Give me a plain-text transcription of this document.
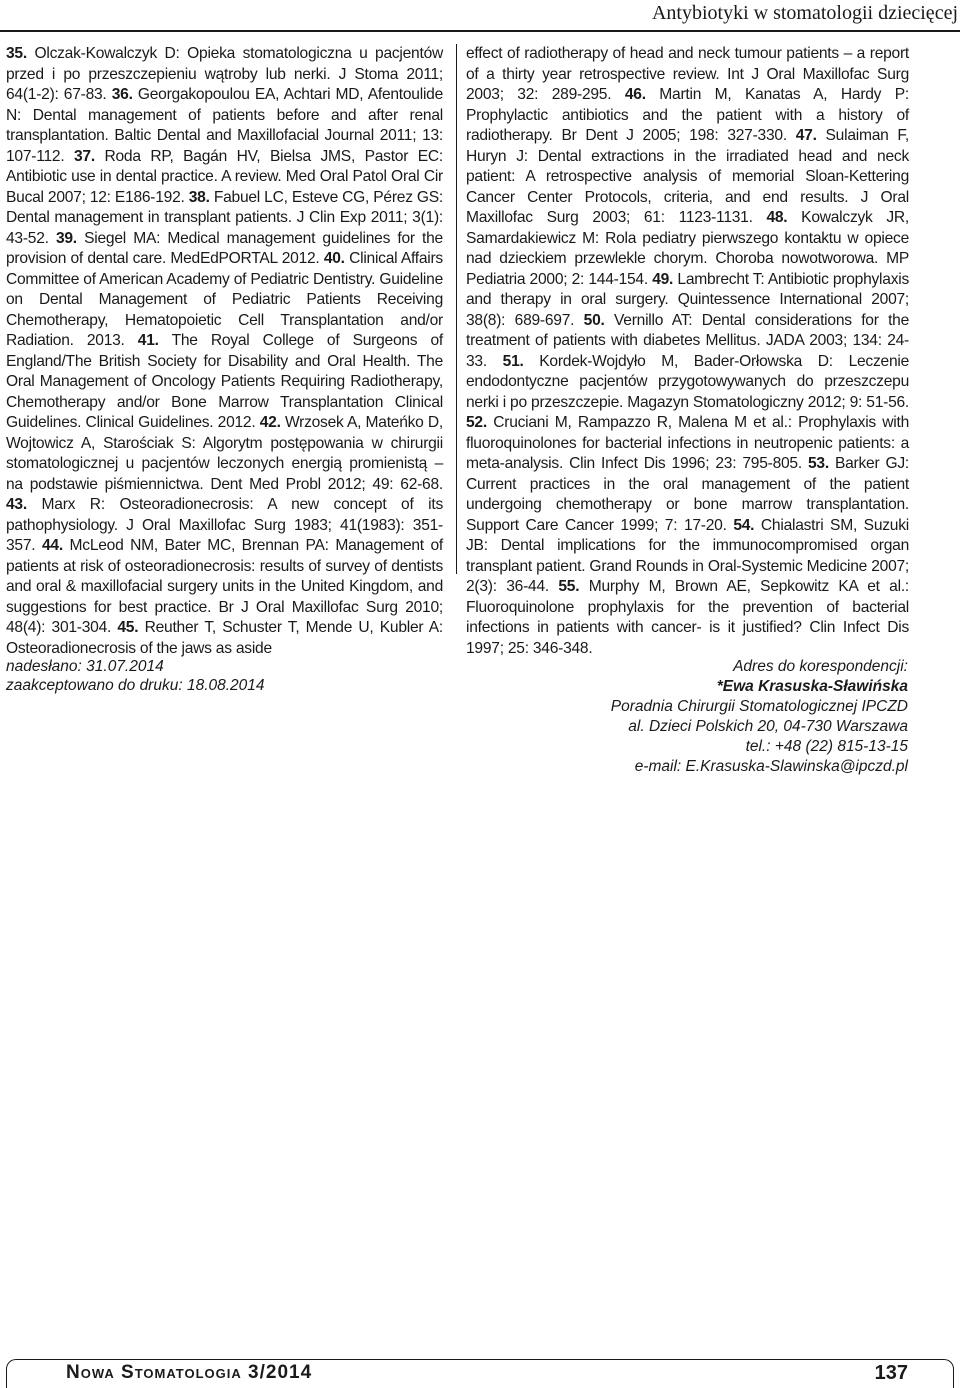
Antybiotyki w stomatologii dziecięcej
35. Olczak-Kowalczyk D: Opieka stomatologiczna u pacjentów przed i po przeszczepieniu wątroby lub nerki. J Stoma 2011; 64(1-2): 67-83. 36. Georgakopoulou EA, Achtari MD, Afentoulide N: Dental management of patients before and after renal transplantation. Baltic Dental and Maxillofacial Journal 2011; 13: 107-112. 37. Roda RP, Bagán HV, Bielsa JMS, Pastor EC: Antibiotic use in dental practice. A review. Med Oral Patol Oral Cir Bucal 2007; 12: E186-192. 38. Fabuel LC, Esteve CG, Pérez GS: Dental management in transplant patients. J Clin Exp 2011; 3(1): 43-52. 39. Siegel MA: Medical management guidelines for the provision of dental care. MedEdPORTAL 2012. 40. Clinical Affairs Committee of American Academy of Pediatric Dentistry. Guideline on Dental Management of Pediatric Patients Receiving Chemotherapy, Hematopoietic Cell Transplantation and/or Radiation. 2013. 41. The Royal College of Surgeons of England/The British Society for Disability and Oral Health. The Oral Management of Oncology Patients Requiring Radiotherapy, Chemotherapy and/or Bone Marrow Transplantation Clinical Guidelines. Clinical Guidelines. 2012. 42. Wrzosek A, Mateńko D, Wojtowicz A, Starościak S: Algorytm postępowania w chirurgii stomatologicznej u pacjentów leczonych energią promienistą – na podstawie piśmiennictwa. Dent Med Probl 2012; 49: 62-68. 43. Marx R: Osteoradionecrosis: A new concept of its pathophysiology. J Oral Maxillofac Surg 1983; 41(1983): 351-357. 44. McLeod NM, Bater MC, Brennan PA: Management of patients at risk of osteoradionecrosis: results of survey of dentists and oral & maxillofacial surgery units in the United Kingdom, and suggestions for best practice. Br J Oral Maxillofac Surg 2010; 48(4): 301-304. 45. Reuther T, Schuster T, Mende U, Kubler A: Osteoradionecrosis of the jaws as aside
effect of radiotherapy of head and neck tumour patients – a report of a thirty year retrospective review. Int J Oral Maxillofac Surg 2003; 32: 289-295. 46. Martin M, Kanatas A, Hardy P: Prophylactic antibiotics and the patient with a history of radiotherapy. Br Dent J 2005; 198: 327-330. 47. Sulaiman F, Huryn J: Dental extractions in the irradiated head and neck patient: A retrospective analysis of memorial Sloan-Kettering Cancer Center Protocols, criteria, and end results. J Oral Maxillofac Surg 2003; 61: 1123-1131. 48. Kowalczyk JR, Samardakiewicz M: Rola pediatry pierwszego kontaktu w opiece nad dzieckiem przewlekle chorym. Choroba nowotworowa. MP Pediatria 2000; 2: 144-154. 49. Lambrecht T: Antibiotic prophylaxis and therapy in oral surgery. Quintessence International 2007; 38(8): 689-697. 50. Vernillo AT: Dental considerations for the treatment of patients with diabetes Mellitus. JADA 2003; 134: 24-33. 51. Kordek-Wojdyło M, Bader-Orłowska D: Leczenie endodontyczne pacjentów przygotowywanych do przeszczepu nerki i po przeszczepie. Magazyn Stomatologiczny 2012; 9: 51-56. 52. Cruciani M, Rampazzo R, Malena M et al.: Prophylaxis with fluoroquinolones for bacterial infections in neutropenic patients: a meta-analysis. Clin Infect Dis 1996; 23: 795-805. 53. Barker GJ: Current practices in the oral management of the patient undergoing chemotherapy or bone marrow transplantation. Support Care Cancer 1999; 7: 17-20. 54. Chialastri SM, Suzuki JB: Dental implications for the immunocompromised organ transplant patient. Grand Rounds in Oral-Systemic Medicine 2007; 2(3): 36-44. 55. Murphy M, Brown AE, Sepkowitz KA et al.: Fluoroquinolone prophylaxis for the prevention of bacterial infections in patients with cancer- is it justified? Clin Infect Dis 1997; 25: 346-348.
nadesłano: 31.07.2014
zaakceptowano do druku: 18.08.2014
Adres do korespondencji:
*Ewa Krasuska-Sławińska
Poradnia Chirurgii Stomatologicznej IPCZD
al. Dzieci Polskich 20, 04-730 Warszawa
tel.: +48 (22) 815-13-15
e-mail: E.Krasuska-Slawinska@ipczd.pl
Nowa Stomatologia 3/2014	137
